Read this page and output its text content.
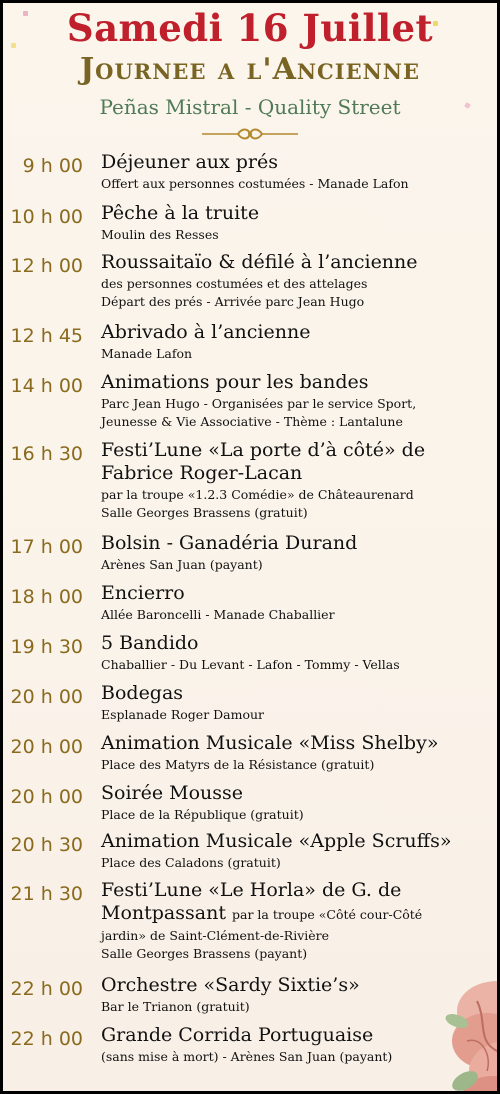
Samedi 16 Juillet
Journee a l'Ancienne
Peñas Mistral - Quality Street
9 h 00 Déjeuner aux prés
Offert aux personnes costumées - Manade Lafon
10 h 00 Pêche à la truite
Moulin des Resses
12 h 00 Roussaitaïo & défilé à l’ancienne
des personnes costumées et des attelages
Départ des prés - Arrivée parc Jean Hugo
12 h 45 Abrivado à l’ancienne
Manade Lafon
14 h 00 Animations pour les bandes
Parc Jean Hugo - Organisées par le service Sport,
Jeunesse & Vie Associative - Thème : Lantalune
16 h 30 Festi’Lune «La porte d’à côté» de
Fabrice Roger-Lacan
par la troupe «1.2.3 Comédie» de Châteaurenard
Salle Georges Brassens (gratuit)
17 h 00 Bolsin - Ganadéria Durand
Arènes San Juan (payant)
18 h 00 Encierro
Allée Baroncelli - Manade Chaballier
19 h 30 5 Bandido
Chaballier - Du Levant - Lafon - Tommy - Vellas
20 h 00 Bodegas
Esplanade Roger Damour
20 h 00 Animation Musicale «Miss Shelby»
Place des Matyrs de la Résistance (gratuit)
20 h 00 Soirée Mousse
Place de la République (gratuit)
20 h 30 Animation Musicale «Apple Scruffs»
Place des Caladons (gratuit)
21 h 30 Festi’Lune «Le Horla» de G. de
Montpassant par la troupe «Côté cour-Côté
jardin» de Saint-Clément-de-Rivière
Salle Georges Brassens (payant)
22 h 00 Orchestre «Sardy Sixtie’s»
Bar le Trianon (gratuit)
22 h 00 Grande Corrida Portuguaise
(sans mise à mort) - Arènes San Juan (payant)
